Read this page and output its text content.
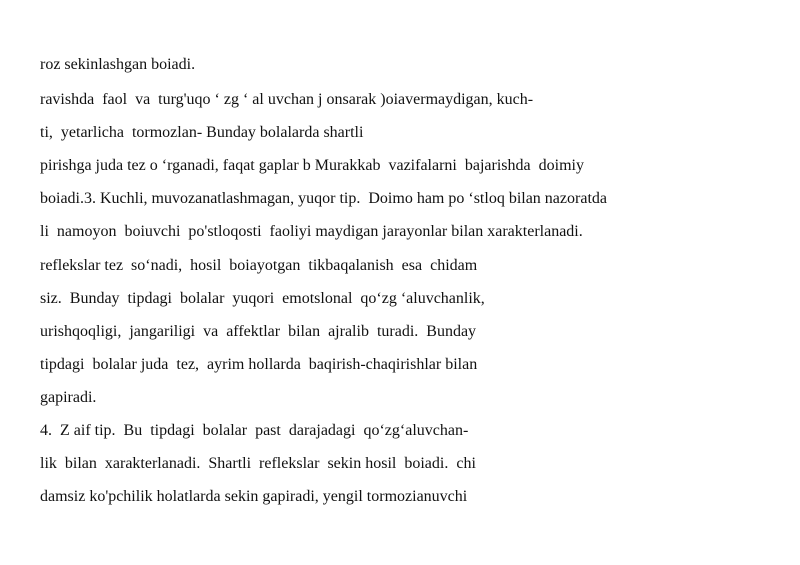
roz sekinlashgan boiadi.

ravishda  faol  va  turg'uqo ‘ zg ‘ al uvchan j onsarak )oiavermaydigan, kuch-

ti,  yetarlicha  tormozlan- Bunday bolalarda shartli

pirishga juda tez o ‘rganadi, faqat gaplar b Murakkab  vazifalarni  bajarishda  doimiy

boiadi.3. Kuchli, muvozanatlashmagan, yuqor tip.  Doimo ham po ‘stloq bilan nazoratda

li  namoyon  boiuvchi  po'stloqosti  faoliyi maydigan jarayonlar bilan xarakterlanadi.

reflekslar tez  so‘nadi,  hosil  boiayotgan  tikbaqalanish  esa  chidam

siz.  Bunday  tipdagi  bolalar  yuqori  emotslonal  qo‘zg ‘aluvchanlik,

urishqoqligi,  jangariligi  va  affektlar  bilan  ajralib  turadi.  Bunday

tipdagi  bolalar juda  tez,  ayrim hollarda  baqirish-chaqirishlar bilan

gapiradi.

4.  Z aif tip.  Bu  tipdagi  bolalar  past  darajadagi  qo‘zg‘aluvchan-

lik  bilan  xarakterlanadi.  Shartli  reflekslar  sekin hosil  boiadi.  chi

damsiz ko'pchilik holatlarda sekin gapiradi, yengil tormozianuvchi
